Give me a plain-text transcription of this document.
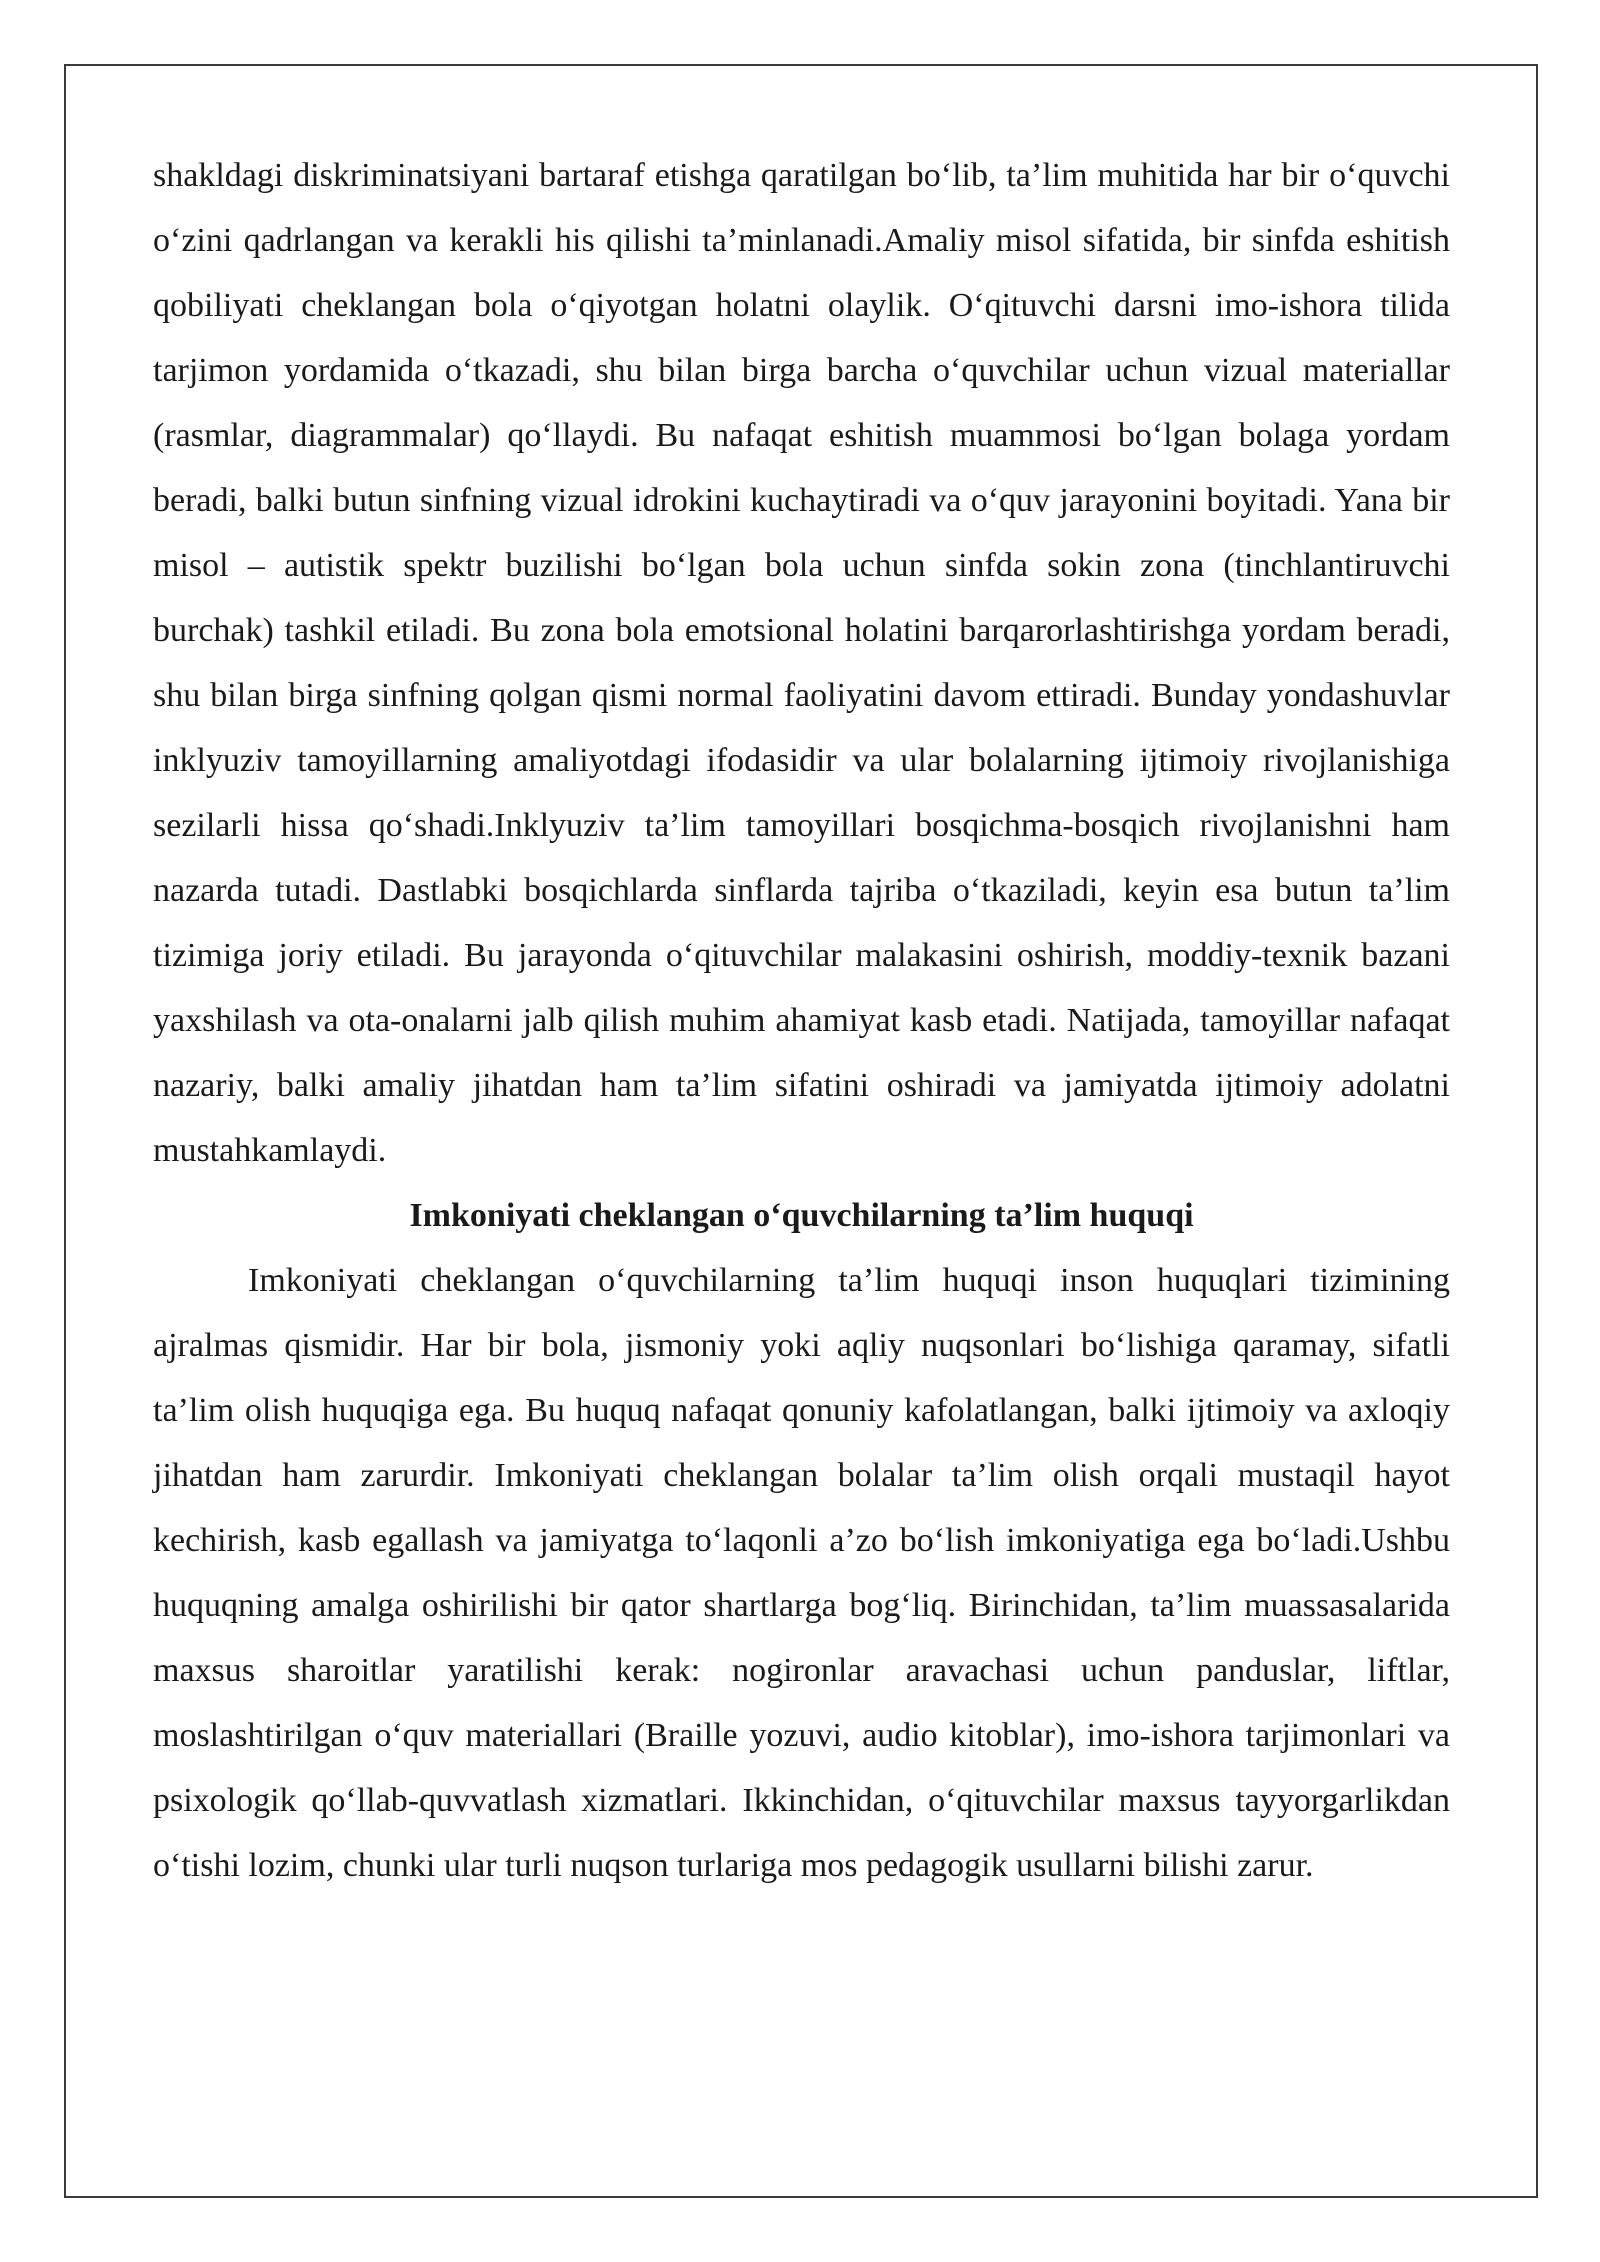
shakldagi diskriminatsiyani bartaraf etishga qaratilgan bo‘lib, ta’lim muhitida har bir o‘quvchi o‘zini qadrlangan va kerakli his qilishi ta’minlanadi.Amaliy misol sifatida, bir sinfda eshitish qobiliyati cheklangan bola o‘qiyotgan holatni olaylik. O‘qituvchi darsni imo-ishora tilida tarjimon yordamida o‘tkazadi, shu bilan birga barcha o‘quvchilar uchun vizual materiallar (rasmlar, diagrammalar) qo‘llaydi. Bu nafaqat eshitish muammosi bo‘lgan bolaga yordam beradi, balki butun sinfning vizual idrokini kuchaytiradi va o‘quv jarayonini boyitadi. Yana bir misol – autistik spektr buzilishi bo‘lgan bola uchun sinfda sokin zona (tinchlantiruvchi burchak) tashkil etiladi. Bu zona bola emotsional holatini barqarorlashtirishga yordam beradi, shu bilan birga sinfning qolgan qismi normal faoliyatini davom ettiradi. Bunday yondashuvlar inklyuziv tamoyillarning amaliyotdagi ifodasidir va ular bolalarning ijtimoiy rivojlanishiga sezilarli hissa qo‘shadi.Inklyuziv ta’lim tamoyillari bosqichma-bosqich rivojlanishni ham nazarda tutadi. Dastlabki bosqichlarda sinflarda tajriba o‘tkaziladi, keyin esa butun ta’lim tizimiga joriy etiladi. Bu jarayonda o‘qituvchilar malakasini oshirish, moddiy-texnik bazani yaxshilash va ota-onalarni jalb qilish muhim ahamiyat kasb etadi. Natijada, tamoyillar nafaqat nazariy, balki amaliy jihatdan ham ta’lim sifatini oshiradi va jamiyatda ijtimoiy adolatni mustahkamlaydi.

Imkoniyati cheklangan o‘quvchilarning ta’lim huquqi

Imkoniyati cheklangan o‘quvchilarning ta’lim huquqi inson huquqlari tizimining ajralmas qismidir. Har bir bola, jismoniy yoki aqliy nuqsonlari bo‘lishiga qaramay, sifatli ta’lim olish huquqiga ega. Bu huquq nafaqat qonuniy kafolatlangan, balki ijtimoiy va axloqiy jihatdan ham zarurdir. Imkoniyati cheklangan bolalar ta’lim olish orqali mustaqil hayot kechirish, kasb egallash va jamiyatga to‘laqonli a’zo bo‘lish imkoniyatiga ega bo‘ladi.Ushbu huquqning amalga oshirilishi bir qator shartlarga bog‘liq. Birinchidan, ta’lim muassasalarida maxsus sharoitlar yaratilishi kerak: nogironlar aravachasi uchun panduslar, liftlar, moslashtirilgan o‘quv materiallari (Braille yozuvi, audio kitoblar), imo-ishora tarjimonlari va psixologik qo‘llab-quvvatlash xizmatlari. Ikkinchidan, o‘qituvchilar maxsus tayyorgarlikdan o‘tishi lozim, chunki ular turli nuqson turlariga mos pedagogik usullarni bilishi zarur.
